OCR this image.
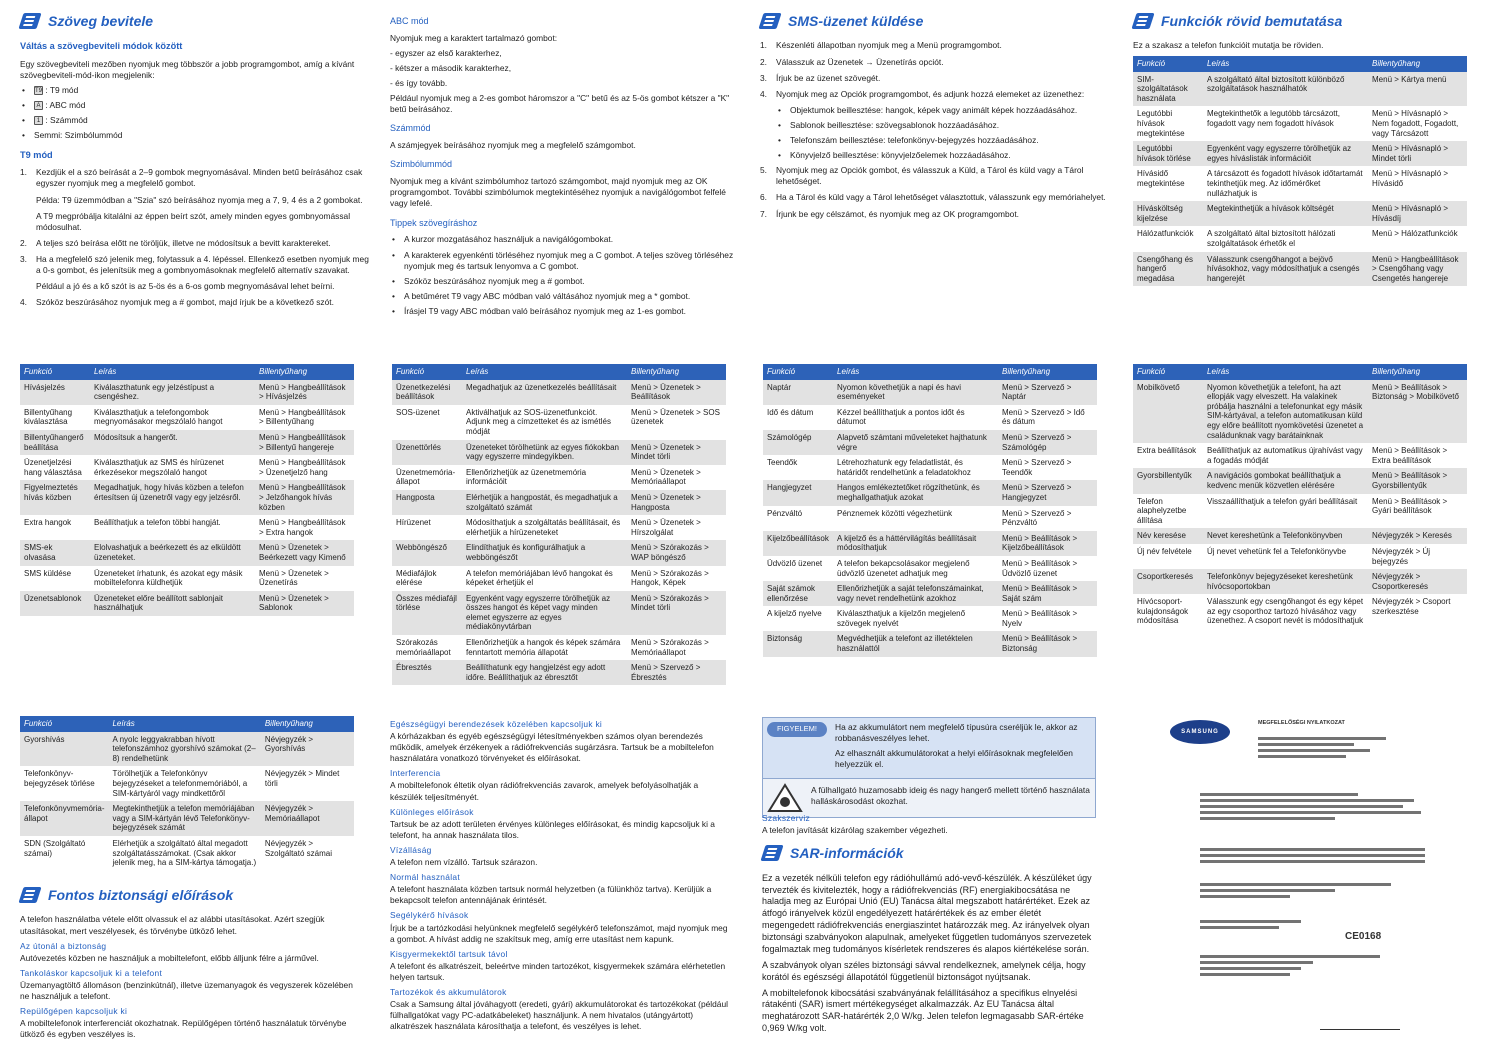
Szöveg bevitele
Váltás a szövegbeviteli módok között

Egy szövegbeviteli mezőben nyomjuk meg többször a jobb programgombot, amíg a kívánt szövegbeviteli-mód-ikon megjelenik:

• T9 : T9 mód
• A : ABC mód
• 1 : Számmód
• Semmi: Szimbólummód
T9 mód
1. Kezdjük el a szó beírását a 2–9 gombok megnyomásával. Minden betű beírásához csak egyszer nyomjuk meg a megfelelő gombot.
Példa: T9 üzemmódban a "Szia" szó beírásához nyomja meg a 7, 9, 4 és a 2 gombokat.
A T9 megpróbálja kitalálni az éppen beírt szót, amely minden egyes gombnyomással módosulhat.
2. A teljes szó beírása előtt ne töröljük, illetve ne módosítsuk a bevitt karaktereket.
3. Ha a megfelelő szó jelenik meg, folytassuk a 4. lépéssel. Ellenkező esetben nyomjuk meg a 0-s gombot, és jelenítsük meg a gombnyomásoknak megfelelő alternatív szavakat.
Például a jó és a kő szót is az 5-ös és a 6-os gomb megnyomásával lehet beírni.
4. Szóköz beszúrásához nyomjuk meg a # gombot, majd írjuk be a következő szót.
ABC mód

Nyomjuk meg a karaktert tartalmazó gombot:

- egyszer az első karakterhez,
- kétszer a második karakterhez,
- és így tovább.

Például nyomjuk meg a 2-es gombot háromszor a "C" betű és az 5-ös gombot kétszer a "K" betű beírásához.

Számmód

A számjegyek beírásához nyomjuk meg a megfelelő számgombot.

Szimbólummód

Nyomjuk meg a kívánt szimbólumhoz tartozó számgombot, majd nyomjuk meg az OK programgombot. További szimbólumok megtekintéséhez nyomjuk a navigálógombot felfelé vagy lefelé.

Tippek szövegíráshoz
• A kurzor mozgatásához használjuk a navigálógombokat.
• A karakterek egyenkénti törléséhez nyomjuk meg a C gombot. A teljes szöveg törléséhez nyomjuk meg és tartsuk lenyomva a C gombot.
• Szóköz beszúrásához nyomjuk meg a # gombot.
• A betűméret T9 vagy ABC módban való váltásához nyomjuk meg a * gombot.
• Írásjel T9 vagy ABC módban való beírásához nyomjuk meg az 1-es gombot.
SMS-üzenet küldése
1. Készenléti állapotban nyomjuk meg a Menü programgombot.
2. Válasszuk az Üzenetek → Üzenetírás opciót.
3. Írjuk be az üzenet szövegét.
4. Nyomjuk meg az Opciók programgombot, és adjunk hozzá elemeket az üzenethez:
• Objektumok beillesztése: hangok, képek vagy animált képek hozzáadásához.
• Sablonok beillesztése: szövegsablonok hozzáadásához.
• Telefonszám beillesztése: telefonkönyv-bejegyzés hozzáadásához.
• Könyvjelző beillesztése: könyvjelzőelemek hozzáadásához.
5. Nyomjuk meg az Opciók gombot, és válasszuk a Küld, a Tárol és küld vagy a Tárol lehetőséget.
6. Ha a Tárol és küld vagy a Tárol lehetőséget választottuk, válasszunk egy memóriahelyet.
7. Írjunk be egy célszámot, és nyomjuk meg az OK programgombot.
Funkciók rövid bemutatása

Ez a szakasz a telefon funkcióit mutatja be röviden.

Funkció	Leírás	Billentyűhang
SIM-szolgáltatások használata	A szolgáltató által biztosított különböző szolgáltatások használhatók	Menü > Kártya menü
Legutóbbi hívások megtekintése	Megtekinthetők a legutóbb tárcsázott, fogadott vagy nem fogadott hívások	Menü > Hívásnapló > Nem fogadott, Fogadott, vagy Tárcsázott
Legutóbbi hívások törlése	Egyenként vagy egyszerre törölhetjük az egyes híváslisták információit	Menü > Hívásnapló > Mindet törli
Hívásidő megtekintése	A tárcsázott és fogadott hívások időtartamát tekinthetjük meg. Az időmérőket nullázhatjuk is	Menü > Hívásnapló > Hívásidő
Hívásköltség kijelzése	Megtekinthetjük a hívások költségét	Menü > Hívásnapló > Hívásdíj
Hálózatfunkciók	A szolgáltató által biztosított hálózati szolgáltatások érhetők el	Menü > Hálózatfunkciók
Csengőhang és hangerő megadása	Válasszunk csengőhangot a bejövő hívásokhoz, vagy módosíthatjuk a csengés hangerejét	Menü > Hangbeállítások > Csengőhang vagy Csengetés hangereje
Funkció	Leírás	Billentyűhang
Hívásjelzés	Kiválaszthatunk egy jelzéstípust a csengéshez.	Menü > Hangbeállítások > Hívásjelzés
Billentyűhang kiválasztása	Kiválaszthatjuk a telefongombok megnyomásakor megszólaló hangot	Menü > Hangbeállítások > Billentyűhang
Billentyűhangerő beállítása	Módosítsuk a hangerőt.	Menü > Hangbeállítások > Billentyű hangereje
Üzenetjelzési hang választása	Kiválaszthatjuk az SMS és hírüzenet érkezésekor megszólaló hangot	Menü > Hangbeállítások > Üzenetjelző hang
Figyelmeztetés hívás közben	Megadhatjuk, hogy hívás közben a telefon értesítsen új üzenetről vagy egy jelzésről.	Menü > Hangbeállítások > Jelzőhangok hívás közben
Extra hangok	Beállíthatjuk a telefon többi hangját.	Menü > Hangbeállítások > Extra hangok
SMS-ek olvasása	Elolvashatjuk a beérkezett és az elküldött üzeneteket.	Menü > Üzenetek > Beérkezett vagy Kimenő
SMS küldése	Üzeneteket írhatunk, és azokat egy másik mobiltelefonra küldhetjük	Menü > Üzenetek > Üzenetírás
Üzenetsablonok	Üzeneteket előre beállított sablonjait használhatjuk	Menü > Üzenetek > Sablonok
Funkció	Leírás	Billentyűhang
Üzenetkezelési beállítások	Megadhatjuk az üzenetkezelés beállításait	Menü > Üzenetek > Beállítások
SOS-üzenet	Aktiválhatjuk az SOS-üzenetfunkciót. Adjunk meg a címzetteket és az ismétlés módját	Menü > Üzenetek > SOS üzenetek
Üzenettörlés	Üzeneteket törölhetünk az egyes fiókokban vagy egyszerre mindegyikben.	Menü > Üzenetek > Mindet törli
Üzenetmemória-állapot	Ellenőrizhetjük az üzenetmemória információit	Menü > Üzenetek > Memóriaállapot
Hangposta	Elérhetjük a hangpostát, és megadhatjuk a szolgáltató számát	Menü > Üzenetek > Hangposta
Hírüzenet	Módosíthatjuk a szolgáltatás beállításait, és elérhetjük a hírüzeneteket	Menü > Üzenetek > Hírszolgálat
Webböngésző	Elindíthatjuk és konfigurálhatjuk a webböngészőt	Menü > Szórakozás > WAP böngésző
Médiafájlok elérése	A telefon memóriájában lévő hangokat és képeket érhetjük el	Menü > Szórakozás > Hangok, Képek
Összes médiafájl törlése	Egyenként vagy egyszerre törölhetjük az összes hangot és képet vagy minden elemet egyszerre az egyes médiakönyvtárban	Menü > Szórakozás > Mindet törli
Szórakozás memóriaállapot	Ellenőrizhetjük a hangok és képek számára fenntartott memória állapotát	Menü > Szórakozás > Memóriaállapot
Ébresztés	Beállíthatunk egy hangjelzést egy adott időre. Beállíthatjuk az ébresztőt	Menü > Szervező > Ébresztés
Funkció	Leírás	Billentyűhang
Naptár	Nyomon követhetjük a napi és havi eseményeket	Menü > Szervező > Naptár
Idő és dátum	Kézzel beállíthatjuk a pontos időt és dátumot	Menü > Szervező > Idő és dátum
Számológép	Alapvető számtani műveleteket hajthatunk végre	Menü > Szervező > Számológép
Teendők	Létrehozhatunk egy feladatlistát, és határidőt rendelhetünk a feladatokhoz	Menü > Szervező > Teendők
Hangjegyzet	Hangos emlékeztetőket rögzíthetünk, és meghallgathatjuk azokat	Menü > Szervező > Hangjegyzet
Pénzváltó	Pénznemek közötti végezhetünk	Menü > Szervező > Pénzváltó
Kijelzőbeállítások	A kijelző és a háttérvilágítás beállításait módosíthatjuk	Menü > Beállítások > Kijelzőbeállítások
Üdvözlő üzenet	A telefon bekapcsolásakor megjelenő üdvözlő üzenetet adhatjuk meg	Menü > Beállítások > Üdvözlő üzenet
Saját számok ellenőrzése	Ellenőrizhetjük a saját telefonszámainkat, vagy nevet rendelhetünk azokhoz	Menü > Beállítások > Saját szám
A kijelző nyelve	Kiválaszthatjuk a kijelzőn megjelenő szövegek nyelvét	Menü > Beállítások > Nyelv
Biztonság	Megvédhetjük a telefont az illetéktelen használattól	Menü > Beállítások > Biztonság
Funkció	Leírás	Billentyűhang
Mobilkövető	Nyomon követhetjük a telefont, ha azt ellopják vagy elveszett. Ha valakinek próbálja használni a telefonunkat egy másik SIM-kártyával, a telefon automatikusan küld egy előre beállított nyomkövetési üzenetet a családunknak vagy barátainknak	Menü > Beállítások > Biztonság > Mobilkövető
Extra beállítások	Beállíthatjuk az automatikus újrahívást vagy a fogadás módját	Menü > Beállítások > Extra beállítások
Gyorsbillentyűk	A navigációs gombokat beállíthatjuk a kedvenc menük közvetlen elérésére	Menü > Beállítások > Gyorsbillentyűk
Telefon alaphelyzetbe állítása	Visszaállíthatjuk a telefon gyári beállításait	Menü > Beállítások > Gyári beállítások
Név keresése	Nevet kereshetünk a Telefonkönyvben	Névjegyzék > Keresés
Új név felvétele	Új nevet vehetünk fel a Telefonkönyvbe	Névjegyzék > Új bejegyzés
Csoportkeresés	Telefonkönyv bejegyzéseket kereshetünk hívócsoportokban	Névjegyzék > Csoportkeresés
Hívócsoport-kulajdonságok módosítása	Válasszunk egy csengőhangot és egy képet az egy csoporthoz tartozó hívásához vagy üzenethez. A csoport nevét is módosíthatjuk	Névjegyzék > Csoport szerkesztése
Funkció	Leírás	Billentyűhang
Gyorshívás	A nyolc leggyakrabban hívott telefonszámhoz gyorshívó számokat (2–8) rendelhetünk	Névjegyzék > Gyorshívás
Telefonkönyv-bejegyzések törlése	Törölhetjük a Telefonkönyv bejegyzéseket a telefonmemóriából, a SIM-kártyáról vagy mindkettőről	Névjegyzék > Mindet törli
Telefonkönyvmemória-állapot	Megtekinthetjük a telefon memóriájában vagy a SIM-kártyán lévő Telefonkönyv-bejegyzések számát	Névjegyzék > Memóriaállapot
SDN (Szolgáltató számai)	Elérhetjük a szolgáltató által megadott szolgáltatásszámokat. (Csak akkor jelenik meg, ha a SIM-kártya támogatja.)	Névjegyzék > Szolgáltató számai
Fontos biztonsági előírások

A telefon használatba vétele előtt olvassuk el az alábbi utasításokat. Azért szegjük utasításokat, mert veszélyesek, és törvénybe ütköző lehet.

Az útonál a biztonság

Autóvezetés közben ne használjuk a mobiltelefont, előbb álljunk félre a járművel.

Tankoláskor kapcsoljuk ki a telefont

Üzemanyagtöltő állomáson (benzinkútnál), illetve üzemanyagok és vegyszerek közelében ne használjuk a telefont.

Repülőgépen kapcsoljuk ki

A mobiltelefonok interferenciát okozhatnak. Repülőgépen történő használatuk törvénybe ütköző és egyben veszélyes is.

Egészségügyi berendezések közelében kapcsoljuk ki

A kórházakban és egyéb egészségügyi létesítményekben számos olyan berendezés működik, amelyek érzékenyek a rádiófrekvenciás sugárzásra. Tartsuk be a mobiltelefon használatára vonatkozó törvényeket és előírásokat.

Interferencia

A mobiltelefonok éltetik olyan rádiófrekvenciás zavarok, amelyek befolyásolhatják a készülék teljesítményét.

Különleges előírások

Tartsuk be az adott területen érvényes különleges előírásokat, és mindig kapcsoljuk ki a telefont, ha annak használata tilos.

Vízálláság

A telefon nem vízálló. Tartsuk szárazon.

Normál használat

A telefont használata közben tartsuk normál helyzetben (a fülünkhöz tartva). Kerüljük a bekapcsolt telefon antennájának érintését.

Segélykérő hívások

Írjuk be a tartózkodási helyünknek megfelelő segélykérő telefonszámot, majd nyomjuk meg a gombot. A hívást addig ne szakítsuk meg, amíg erre utasítást nem kapunk.

Kisgyermekektől tartsuk távol

A telefont és alkatrészeit, beleértve minden tartozékot, kisgyermekek számára elérhetetlen helyen tartsuk.

Tartozékok és akkumulátorok

Csak a Samsung által jóváhagyott (eredeti, gyári) akkumulátorokat és tartozékokat (például fülhallgatókat vagy PC-adatkábeleket) használjunk. A nem hivatalos (utángyártott) alkatrészek használata károsíthatja a telefont, és veszélyes is lehet.

FIGYELEM!	Ha az akkumulátort nem megfelelő típusúra cseréljük le, akkor az robbanásveszélyes lehet.

Az elhasznált akkumulátorokat a helyi előírásoknak megfelelően helyezzük el.

A fülhallgató huzamosabb ideig és nagy hangerő mellett történő használata halláskárosodást okozhat.

Szakszerviz

A telefon javítását kizárólag szakember végezheti.

SAR-információk

Ez a vezeték nélküli telefon egy rádióhullámú adó-vevő-készülék. A készüléket úgy tervezték és kivitelezték, hogy a rádiófrekvenciás (RF) energiakibocsátása ne haladja meg az Európai Unió (EU) Tanácsa által megszabott határértéket. Ezek az átfogó irányelvek közül engedélyezett határértékek és az ember életét megengedett rádiófrekvenciás energiaszintet határozzák meg. Az irányelvek olyan biztonsági szabványokon alapulnak, amelyeket független tudományos szervezetek fogalmaztak meg tudományos kísérletek rendszeres és alapos kiértékelése során.

A szabványok olyan széles biztonsági sávval rendelkeznek, amelynek célja, hogy korától és egészségi állapotától függetlenül biztonságot nyújtsanak.

A mobiltelefonok kibocsátási szabványának felállításához a specifikus elnyelési rátakénti (SAR) ismert mértékegységet alkalmazzák. Az EU Tanácsa által meghatározott SAR-határérték 2,0 W/kg. Jelen telefon legmagasabb SAR-értéke 0,969 W/kg volt.

SAMSUNG
MEGFELELŐSÉGI NYILATKOZAT
CE0168
